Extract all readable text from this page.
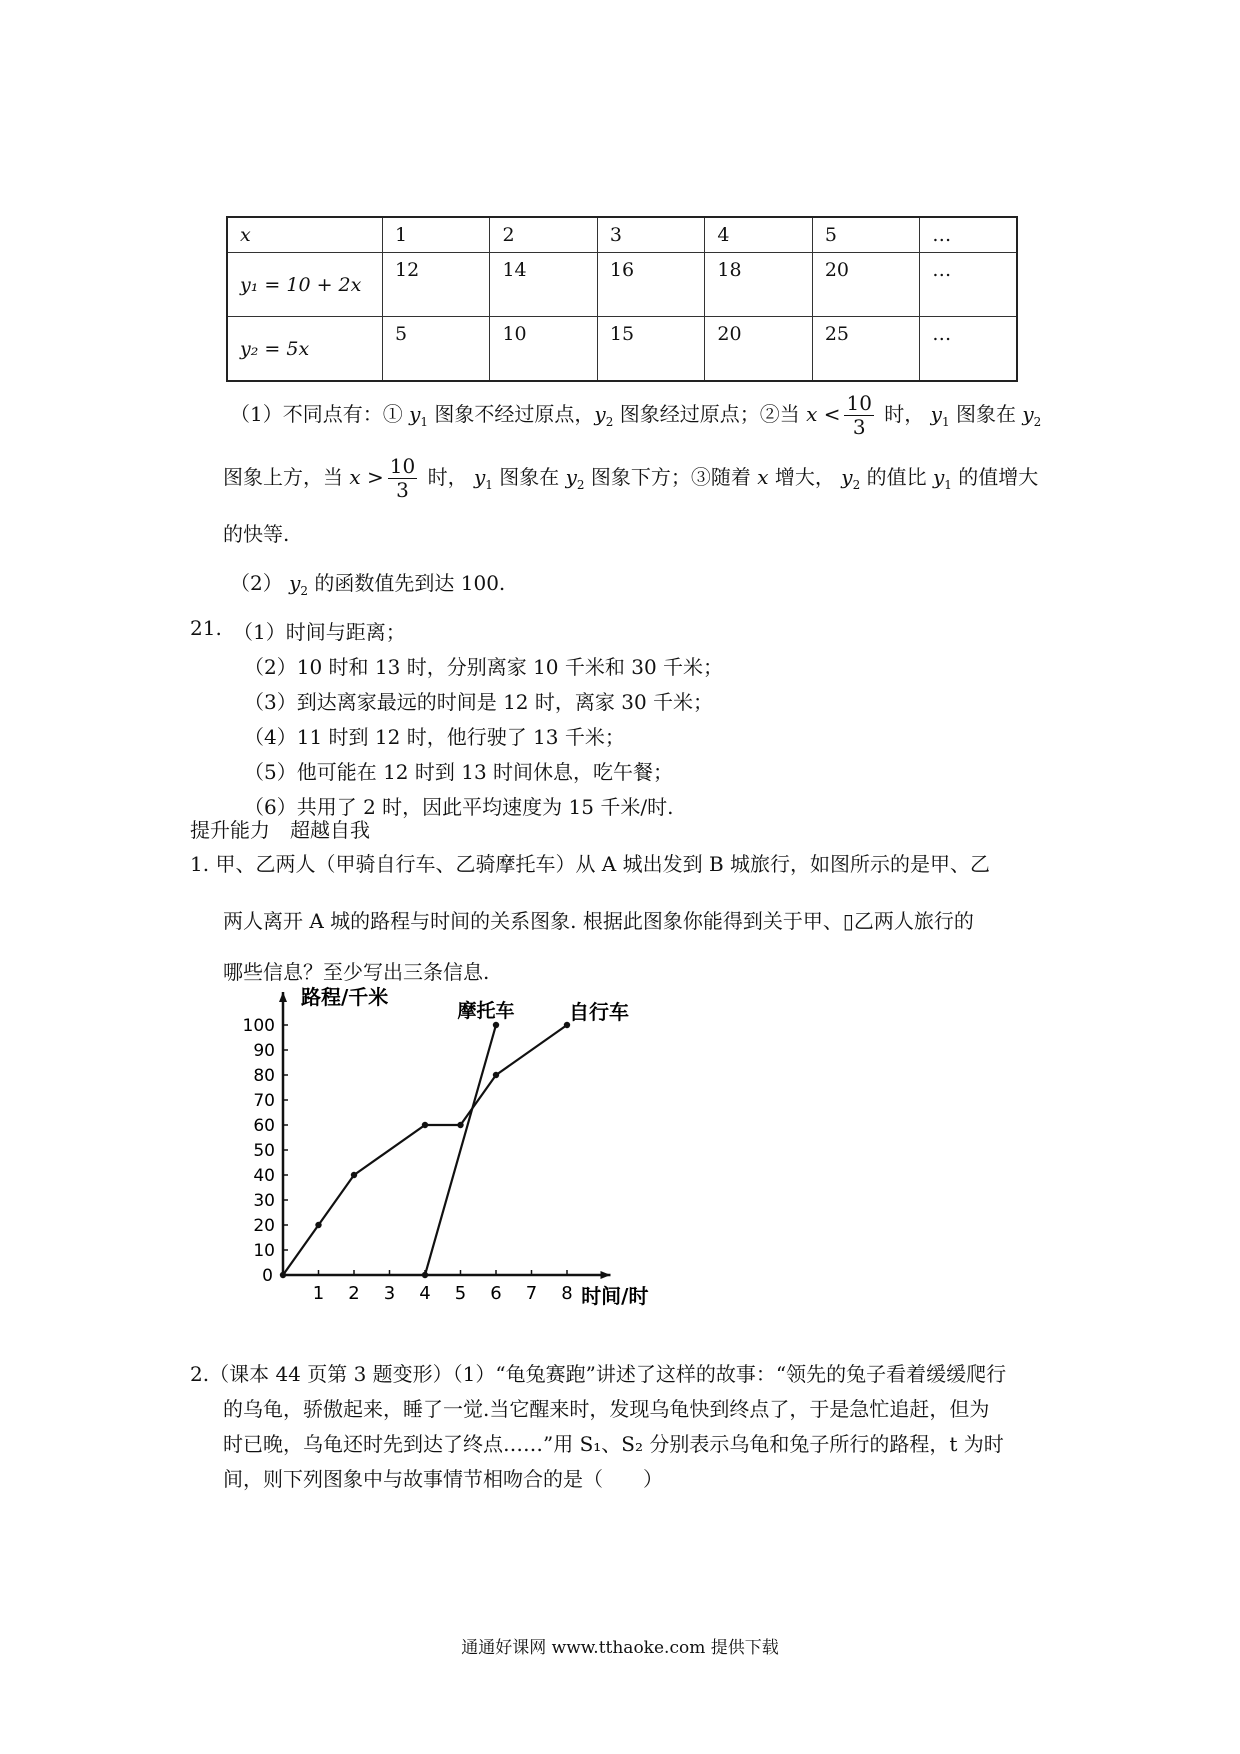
x	1	2	3	4	5	…
y₁ = 10 + 2x	12	14	16	18	20	…
y₂ = 5x	5	10	15	20	25	…
（1）不同点有：① $y_1$ 图象不经过原点，$y_2$ 图象经过原点；②当 $x < \frac{10}{3}$ 时， $y_1$ 图象在 $y_2$
图象上方，当 $x > \frac{10}{3}$ 时， $y_1$ 图象在 $y_2$ 图象下方；③随着 x 增大， $y_2$ 的值比 $y_1$ 的值增大
的快等.
（2） $y_2$ 的函数值先到达 100.
21. （1）时间与距离；
（2）10 时和 13 时，分别离家 10 千米和 30 千米；
（3）到达离家最远的时间是 12 时，离家 30 千米；
（4）11 时到 12 时，他行驶了 13 千米；
（5）他可能在 12 时到 13 时间休息，吃午餐；
（6）共用了 2 时，因此平均速度为 15 千米/时.
提升能力　超越自我
1. 甲、乙两人（甲骑自行车、乙骑摩托车）从 A 城出发到 B 城旅行，如图所示的是甲、乙
两人离开 A 城的路程与时间的关系图象. 根据此图象你能得到关于甲、▯乙两人旅行的
哪些信息？至少写出三条信息.
1 2 3 4 5 6 7 8
10
20
30
40
50
60
70
80
90
100
0
路程/千米
时间/时
自行车
摩托车
2.（课本 44 页第 3 题变形）（1）“龟兔赛跑”讲述了这样的故事：“领先的兔子看着缓缓爬行
的乌龟，骄傲起来，睡了一觉.当它醒来时，发现乌龟快到终点了，于是急忙追赶，但为
时已晚，乌龟还时先到达了终点……”用 S₁、S₂ 分别表示乌龟和兔子所行的路程，t 为时
间，则下列图象中与故事情节相吻合的是（　　）
通通好课网 www.tthaoke.com 提供下载
